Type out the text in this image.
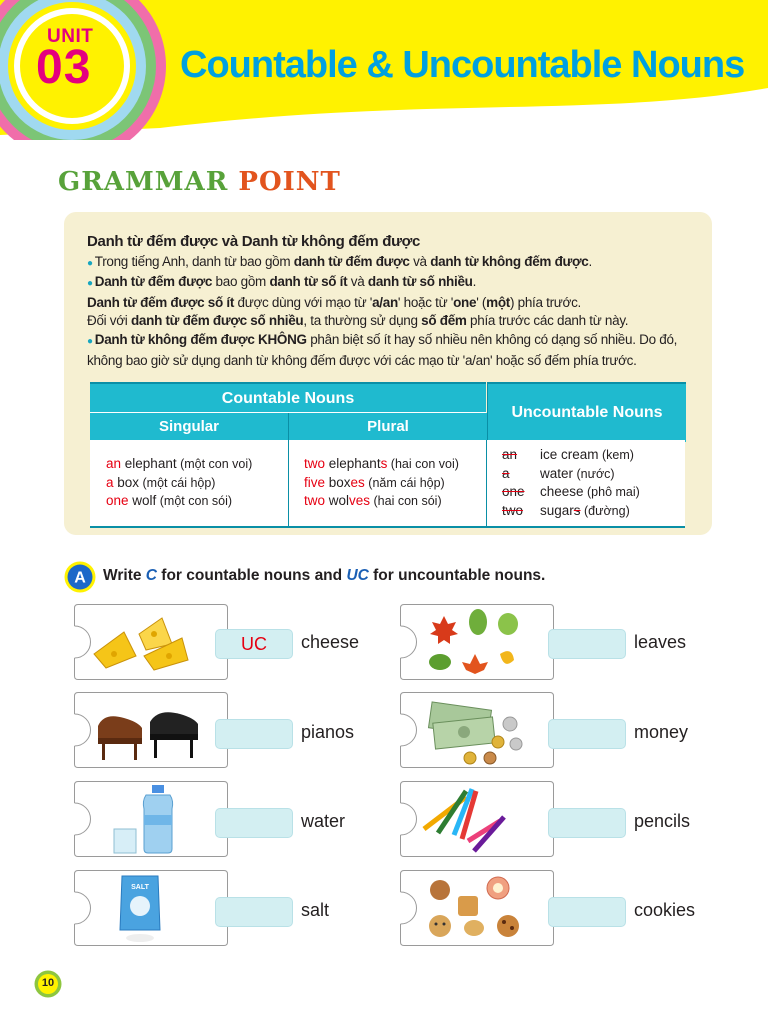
UNIT
03 Countable & Uncountable Nouns
GRAMMAR POINT
Danh từ đếm được và Danh từ không đếm được
● Trong tiếng Anh, danh từ bao gồm danh từ đếm được và danh từ không đếm được.
● Danh từ đếm được bao gồm danh từ số ít và danh từ số nhiều.
Danh từ đếm được số ít được dùng với mạo từ 'a/an' hoặc từ 'one' (một) phía trước.
Đối với danh từ đếm được số nhiều, ta thường sử dụng số đếm phía trước các danh từ này.
● Danh từ không đếm được KHÔNG phân biệt số ít hay số nhiều nên không có dạng số nhiều. Do đó, không bao giờ sử dụng danh từ không đếm được với các mạo từ 'a/an' hoặc số đếm phía trước.
Countable Nouns
Uncountable Nouns
Singular	Plural
an elephant (một con voi)
a box (một cái hộp)
one wolf (một con sói)
two elephants (hai con voi)
five boxes (năm cái hộp)
two wolves (hai con sói)
an ice cream (kem)
a water (nước)
one cheese (phô mai)
two sugars (đường)
A Write C for countable nouns and UC for uncountable nouns.
UC	cheese	leaves
pianos	money
water	pencils
SALT
salt	cookies
10
